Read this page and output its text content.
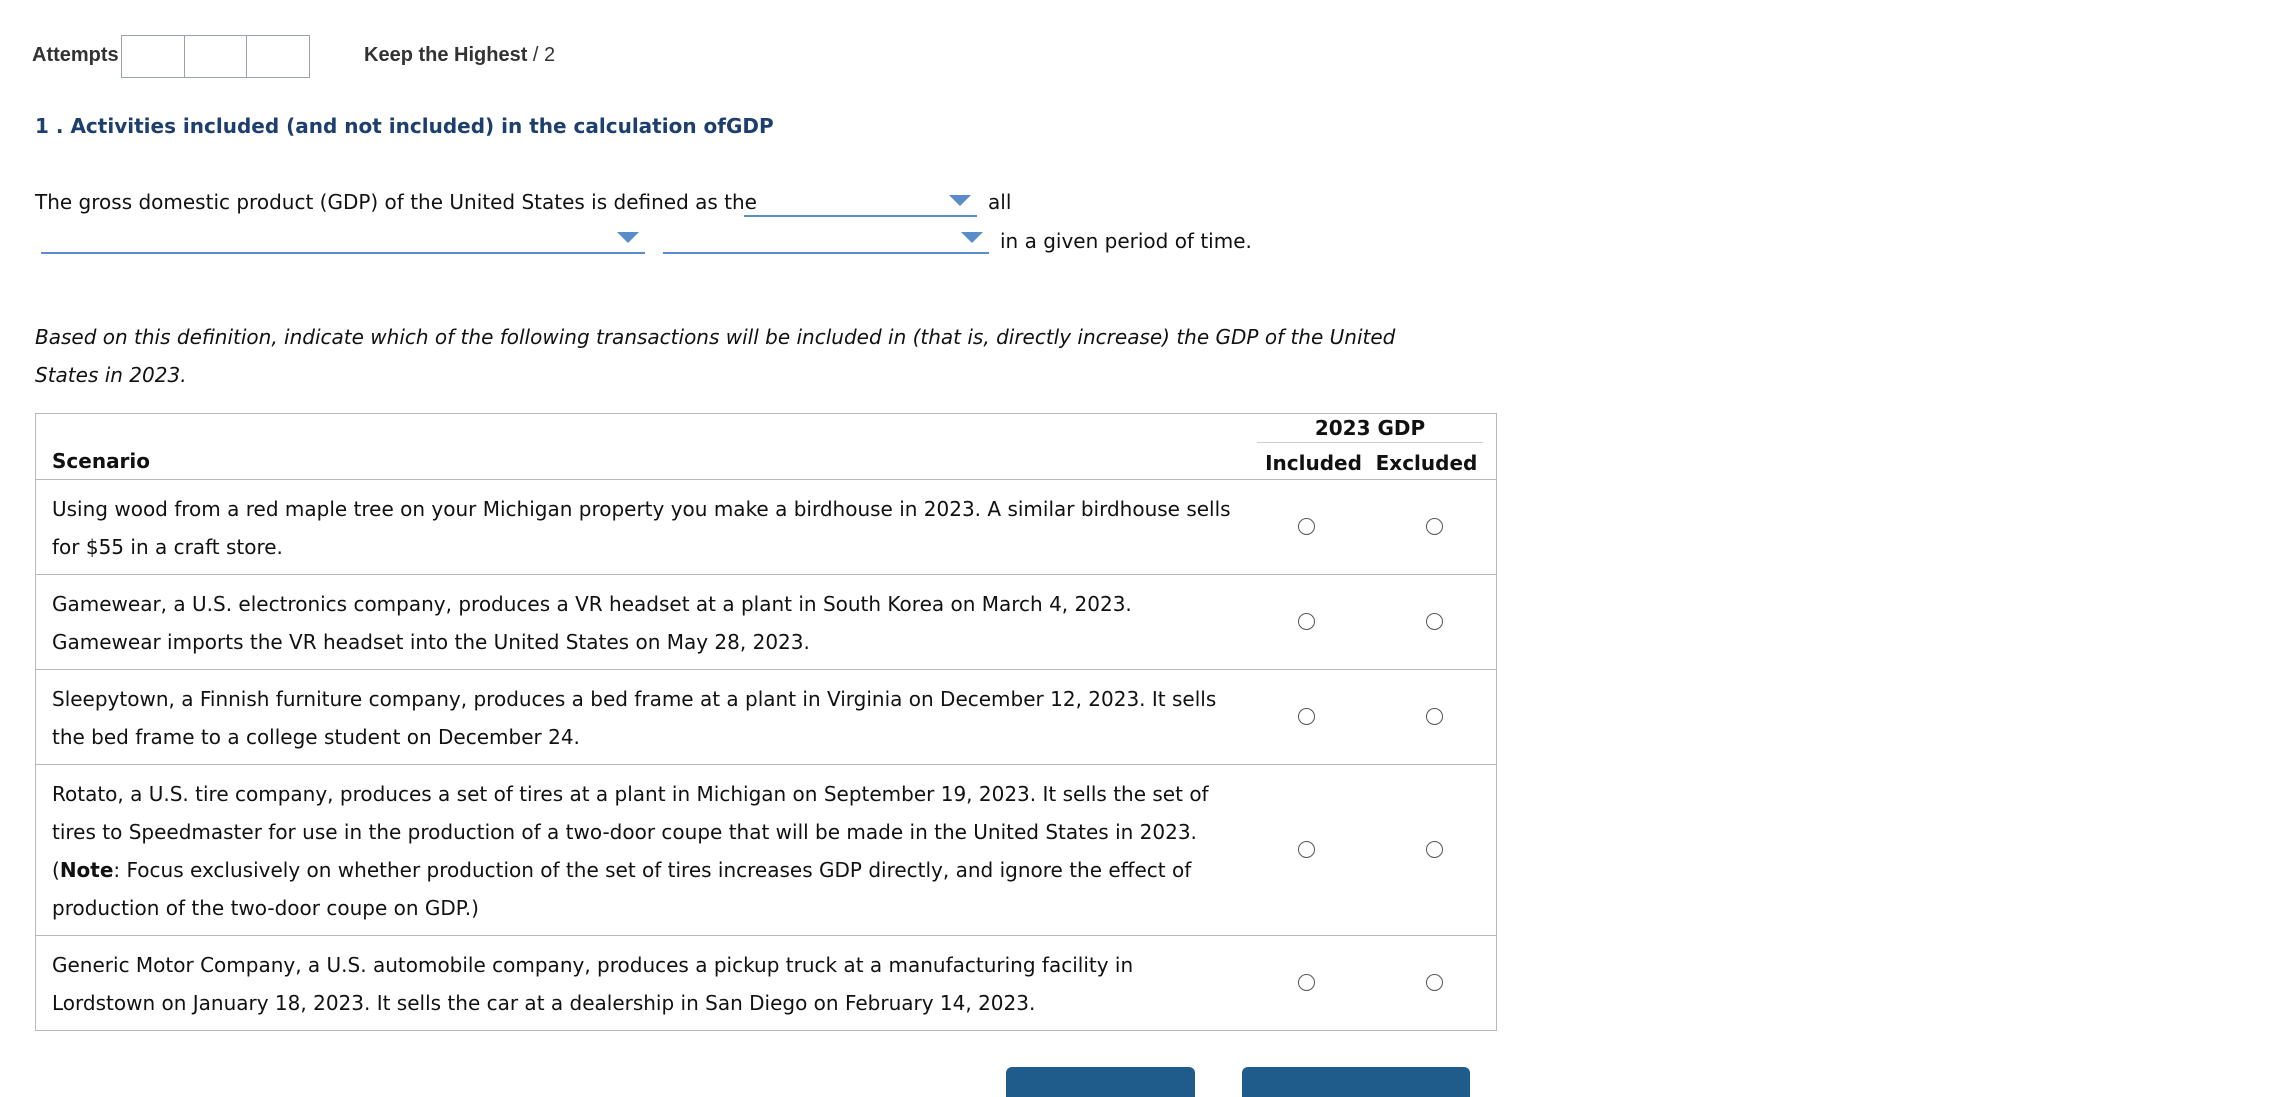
Attempts	Keep the Highest / 2
1 . Activities included (and not included) in the calculation ofGDP
The gross domestic product (GDP) of the United States is defined as the	all
in a given period of time.
Based on this definition, indicate which of the following transactions will be included in (that is, directly increase) the GDP of the United States in 2023.
Scenario
2023 GDP
Included Excluded
Using wood from a red maple tree on your Michigan property you make a birdhouse in 2023. A similar birdhouse sells for $55 in a craft store.
Gamewear, a U.S. electronics company, produces a VR headset at a plant in South Korea on March 4, 2023. Gamewear imports the VR headset into the United States on May 28, 2023.
Sleepytown, a Finnish furniture company, produces a bed frame at a plant in Virginia on December 12, 2023. It sells the bed frame to a college student on December 24.
Rotato, a U.S. tire company, produces a set of tires at a plant in Michigan on September 19, 2023. It sells the set of tires to Speedmaster for use in the production of a two-door coupe that will be made in the United States in 2023. (Note: Focus exclusively on whether production of the set of tires increases GDP directly, and ignore the effect of production of the two-door coupe on GDP.)
Generic Motor Company, a U.S. automobile company, produces a pickup truck at a manufacturing facility in Lordstown on January 18, 2023. It sells the car at a dealership in San Diego on February 14, 2023.
